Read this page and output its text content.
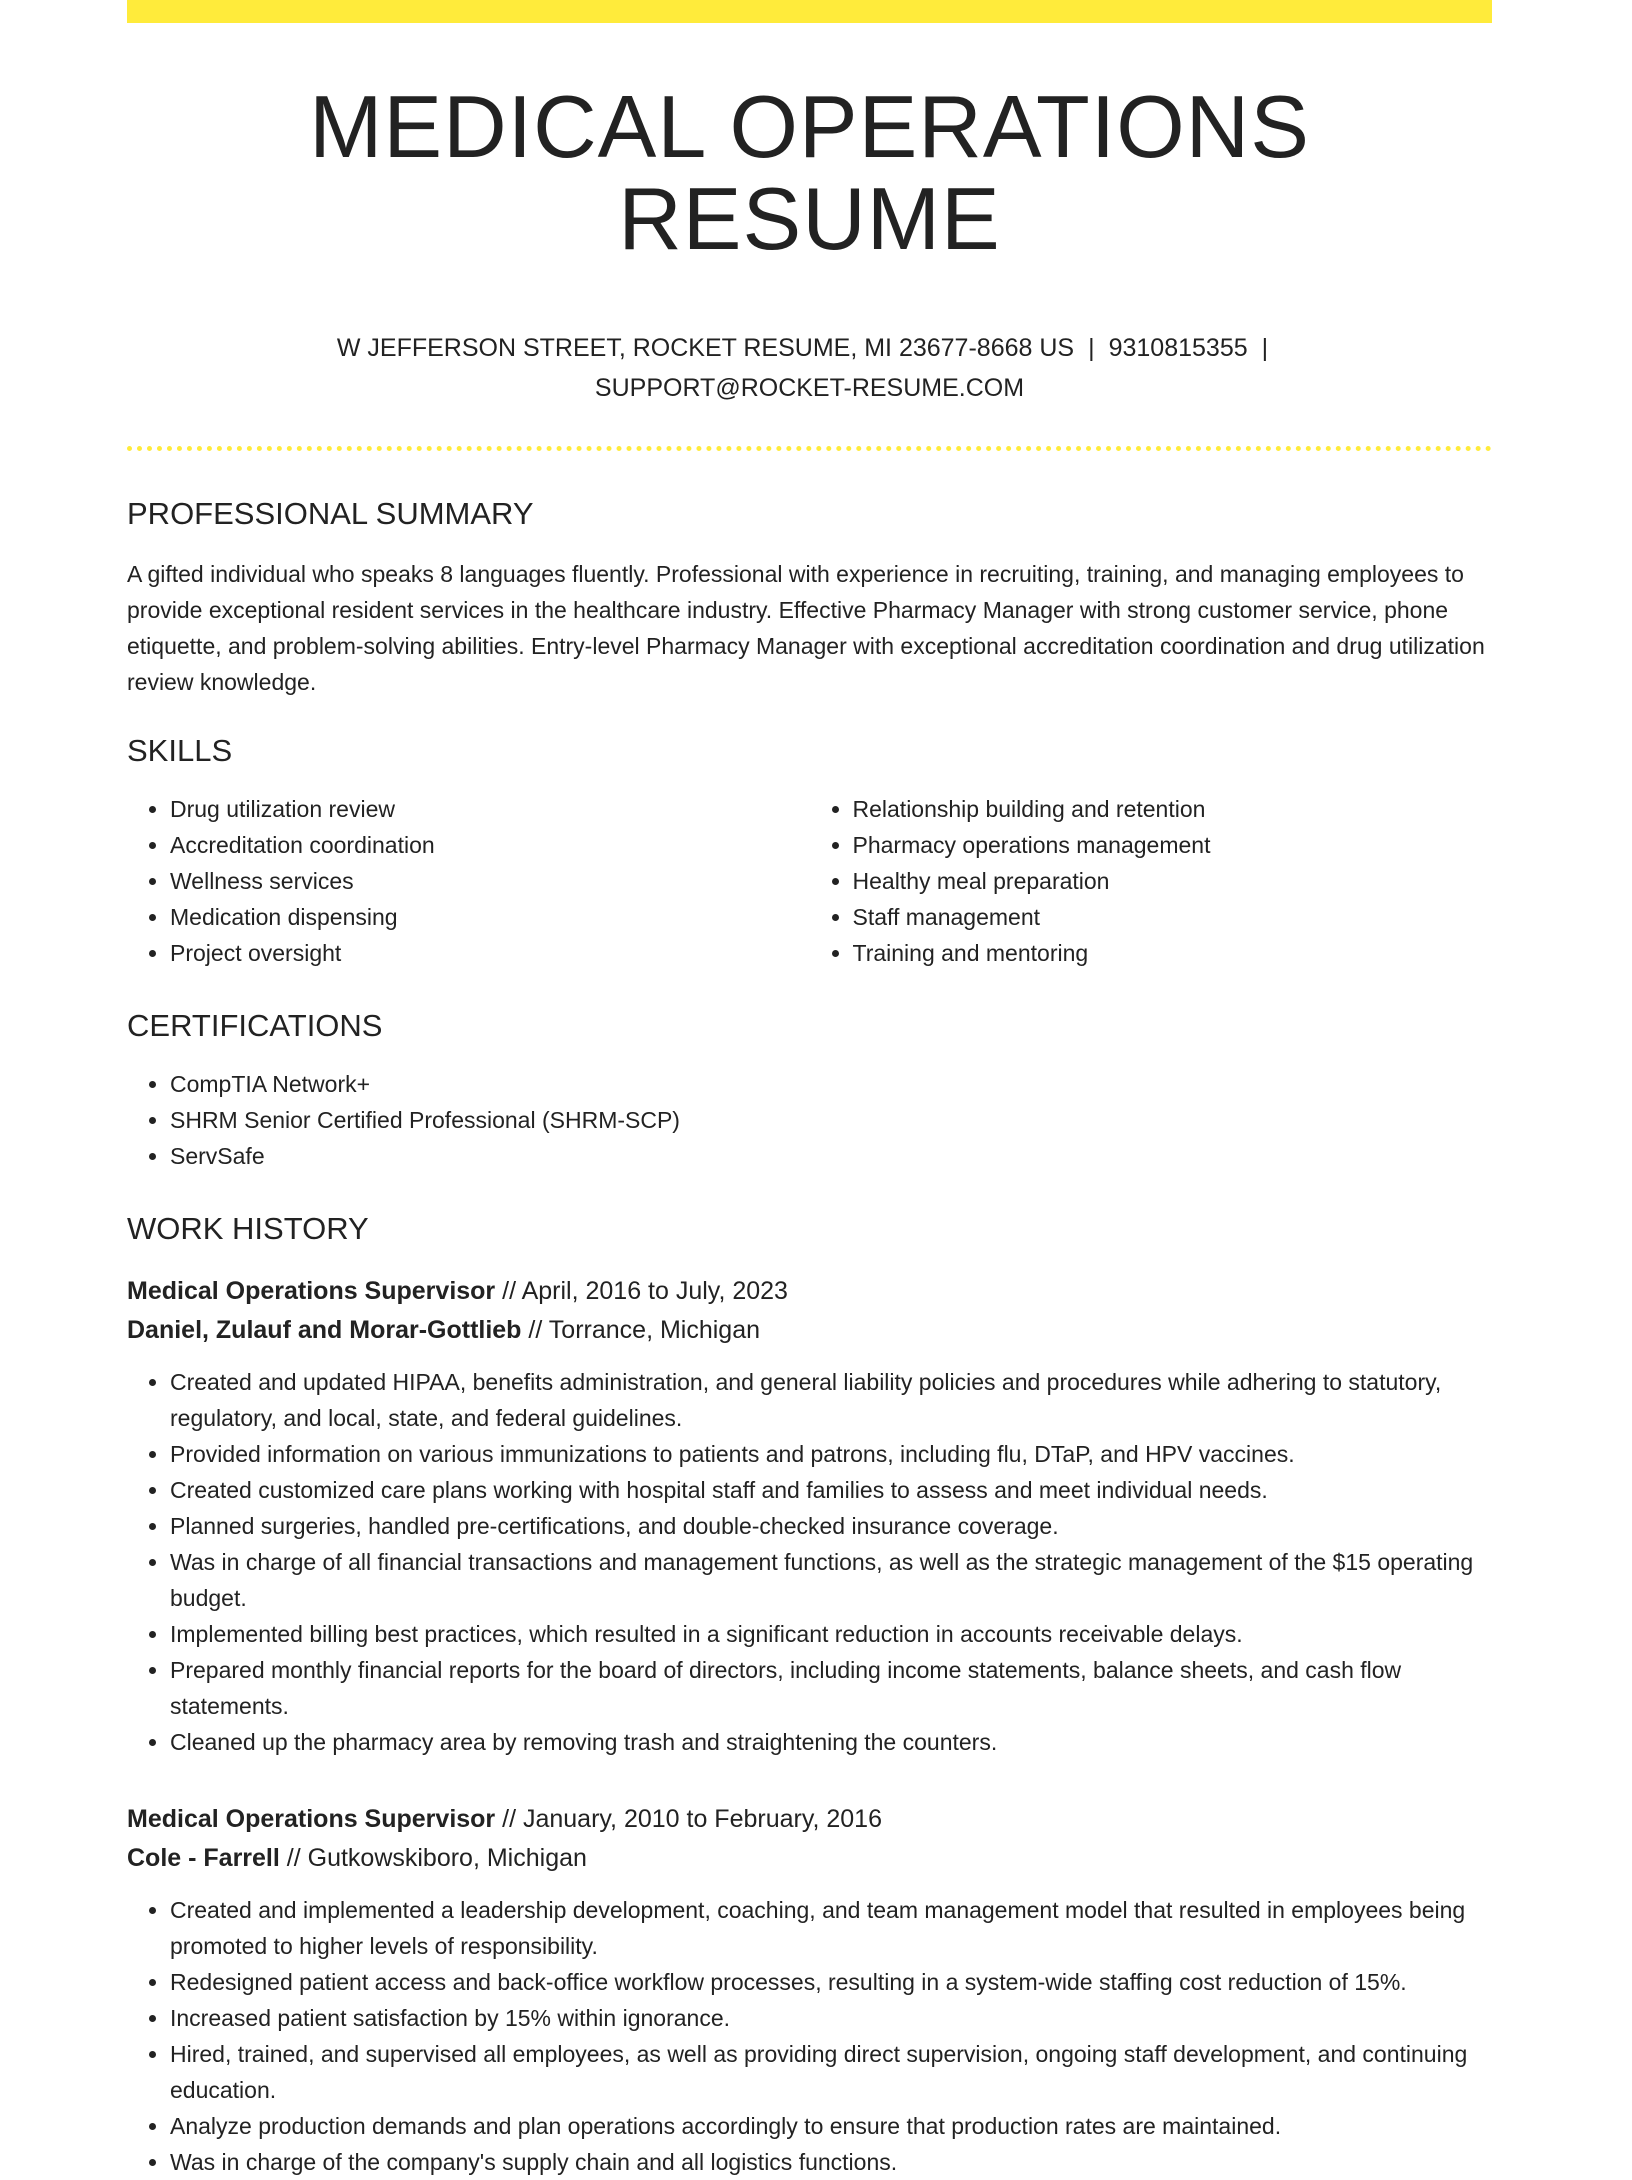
MEDICAL OPERATIONS RESUME
W JEFFERSON STREET, ROCKET RESUME, MI 23677-8668 US | 9310815355 |
SUPPORT@ROCKET-RESUME.COM
PROFESSIONAL SUMMARY

A gifted individual who speaks 8 languages fluently. Professional with experience in recruiting, training, and managing employees to provide exceptional resident services in the healthcare industry. Effective Pharmacy Manager with strong customer service, phone etiquette, and problem-solving abilities. Entry-level Pharmacy Manager with exceptional accreditation coordination and drug utilization review knowledge.

SKILLS
• Drug utilization review
• Accreditation coordination
• Wellness services
• Medication dispensing
• Project oversight
• Relationship building and retention
• Pharmacy operations management
• Healthy meal preparation
• Staff management
• Training and mentoring
CERTIFICATIONS
• CompTIA Network+
• SHRM Senior Certified Professional (SHRM-SCP)
• ServSafe
WORK HISTORY
Medical Operations Supervisor // April, 2016 to July, 2023
Daniel, Zulauf and Morar-Gottlieb // Torrance, Michigan
• Created and updated HIPAA, benefits administration, and general liability policies and procedures while adhering to statutory, regulatory, and local, state, and federal guidelines.
• Provided information on various immunizations to patients and patrons, including flu, DTaP, and HPV vaccines.
• Created customized care plans working with hospital staff and families to assess and meet individual needs.
• Planned surgeries, handled pre-certifications, and double-checked insurance coverage.
• Was in charge of all financial transactions and management functions, as well as the strategic management of the $15 operating budget.
• Implemented billing best practices, which resulted in a significant reduction in accounts receivable delays.
• Prepared monthly financial reports for the board of directors, including income statements, balance sheets, and cash flow statements.
• Cleaned up the pharmacy area by removing trash and straightening the counters.
Medical Operations Supervisor // January, 2010 to February, 2016
Cole - Farrell // Gutkowskiboro, Michigan
• Created and implemented a leadership development, coaching, and team management model that resulted in employees being promoted to higher levels of responsibility.
• Redesigned patient access and back-office workflow processes, resulting in a system-wide staffing cost reduction of 15%.
• Increased patient satisfaction by 15% within ignorance.
• Hired, trained, and supervised all employees, as well as providing direct supervision, ongoing staff development, and continuing education.
• Analyze production demands and plan operations accordingly to ensure that production rates are maintained.
• Was in charge of the company's supply chain and all logistics functions.
